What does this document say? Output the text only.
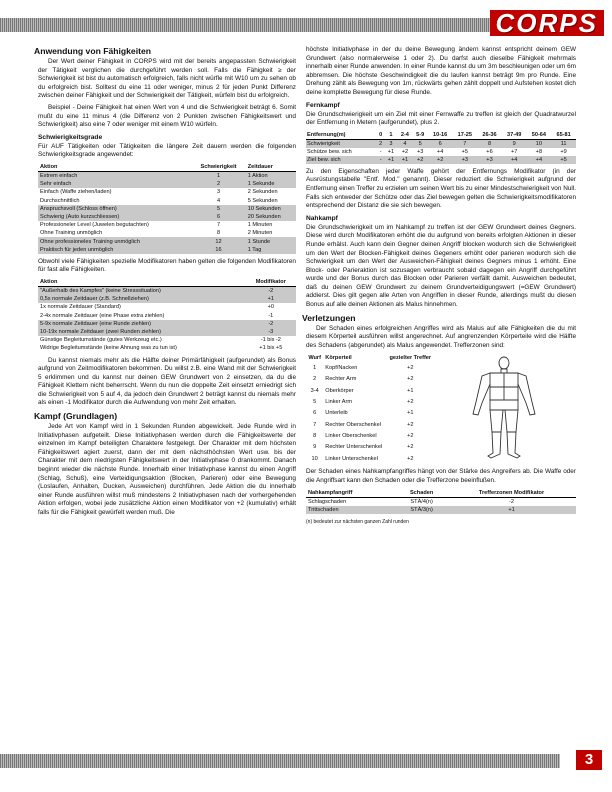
CORPS
Anwendung von Fähigkeiten

Der Wert deiner Fähigkeit in CORPS wird mit der bereits angepassten Schwierigkeit der Tätigkeit verglichen die durchgeführt werden soll. Falls die Fähigkeit ≥ der Schwierigkeit ist bist du automatisch erfolgreich, falls nicht würfle mit W10 um zu sehen ob du erfolgreich bist. Solltest du eine 11 oder weniger, minus 2 für jeden Punkt Differenz zwischen deiner Fähigkeit und der Schwierigkeit der Tätigkeit, würfeln bist du erfolgreich.

Beispiel - Deine Fähigkeit hat einen Wert von 4 und die Schwierigkeit beträgt 6. Somit mußt du eine 11 minus 4 (die Differenz von 2 Punkten zwischen Fähigkeitswert und Schwierigkeit) also eine 7 oder weniger mit einem W10 würfeln.

Schwierigkeitsgrade

Für AUF Tätigkeiten oder Tätigkeiten die längere Zeit dauern werden die folgenden Schwierigkeitsgrade angewendet:

Aktion	Schwierigkeit	Zeitdauer
Extrem einfach	1	1 Aktion
Sehr einfach	2	1 Sekunde
Einfach (Waffe ziehen/laden)	3	2 Sekunden
Durchschnittlich	4	5 Sekunden
Anspruchsvoll (Schloss öffnen)	5	10 Sekunden
Schwierig (Auto kurzschliessen)	6	20 Sekunden
Professioneler Level (Juwelen begutachten)	7	1 Minuten
Ohne Training unmöglich	8	2 Minuten
Ohne professioneles Training unmöglich	12	1 Stunde
Praktisch für jeden unmöglich	16	1 Tag

Obwohl viele Fähigkeiten spezielle Modifikatoren haben gelten die folgenden Modifikatoren für fast alle Fähigkeiten.

Aktion	Modifikator
"Außerhalb des Kampfes" (keine Stresssituation)	-2
0,5x normale Zeitdauer (z.B. Schnellziehen)	+1
1x normale Zeitdauer (Standard)	+0
2-4x normale Zeitdauer (eine Phase extra ziehlen)	-1
5-9x normale Zeitdauer (eine Runde ziehlen)	-2
10-19x normale Zeitdauer (zwei Runden ziehlen)	-3
Günstige Begleitumstände (gutes Werkzeug etc.)	-1 bis -2
Widrige Begleitumstände (keine Ahnung was zu tun ist)	+1 bis +5

Du kannst niemals mehr als die Hälfte deiner Primärfähigkeit (aufgerundet) als Bonus aufgrund von Zeitmodifikatoren bekommen. Du willst z.B. eine Wand mit der Schwierigkeit 5 erklimmen und du kannst nur deinen GEW Grundwert von 2 einsetzen, da du die Fähigkeit Klettern nicht beherrscht. Wenn du nun die doppelte Zeit einsetzt erniedrigt sich die Schwierigkeit von 5 auf 4, da jedoch dein Grundwert 2 beträgt kannst du niemals mehr als einen -1 Modifikator durch die Aufwendung von mehr Zeit erhalten.

Kampf (Grundlagen)

Jede Art von Kampf wird in 1 Sekunden Runden abgewickelt. Jede Runde wird in Initiativphasen aufgeteilt. Diese Initiativphasen werden durch die Fähigkeitswerte der einzelnen im Kampf beteiligten Charaktere festgelegt. Der Charakter mit dem höchsten Fähigkeitswert agiert zuerst, dann der mit dem nächsthöchsten Wert usw. bis der Charakter mit dem niedrigsten Fähigkeitswert in der Initiativphase 0 drankommt. Danach beginnt wieder die nächste Runde. Innerhalb einer Initiativphase kannst du einen Angriff (Schlag, Schuß), eine Verteidigungsaktion (Blocken, Parieren) oder eine Bewegung (Loslaufen, Anhalten, Ducken, Ausweichen) durchführen. Jede Aktion die du innerhalb einer Runde ausführen willst muß mindestens 2 Initiativphasen nach der vorhergehenden Aktion erfolgen, wobei jede zusätzliche Aktion einen Modifikator von +2 (kumulativ) erhält falls für die Fähigkeit gewürfelt werden muß. Die

höchste Initiativphase in der du deine Bewegung ändern kannst entspricht deinem GEW Grundwert (also normalerweise 1 oder 2). Du darfst auch dieselbe Fähigkeit mehrmals innerhalb einer Runde anwenden. In einer Runde kannst du um 3m beschleunigen oder um 6m abbremsen. Die höchste Geschwindigkeit die du laufen kannst beträgt 9m pro Runde. Eine Drehung zählt als Bewegung von 1m, rückwärts gehen zählt doppelt und Aufstehen kostet dich deine komplette Bewegung für diese Runde.

Fernkampf

Die Grundschwierigkeit um ein Ziel mit einer Fernwaffe zu treffen ist gleich der Quadratwurzel der Entfernung in Metern (aufgerundet), plus 2.

Entfernung(m)	0	1	2-4	5-9	10-16	17-25	26-36	37-49	50-64	65-81
Schwierigkeit	2	3	4	5	6	7	8	9	10	11
Schütze bew. sich	-	+1	+2	+3	+4	+5	+6	+7	+8	+9
Ziel bew. sich	-	+1	+1	+2	+2	+3	+3	+4	+4	+5

Zu den Eigenschaften jeder Waffe gehört der Entfernungs Modifikator (in der Ausrüstungstabelle "Entf. Mod." genannt). Dieser reduziert die Schwierigkeit aufgrund der Entfernung einen Treffer zu erzielen um seinen Wert bis zu einer Mindestschwierigkeit von Null. Falls sich entweder der Schütze oder das Ziel bewegen gelten die Schwierigkeitsmodifikatoren entsprechend der Distanz die sie sich bewegen.

Nahkampf

Die Grundschwierigkeit um im Nahkampf zu treffen ist der GEW Grundwert deines Gegners. Diese wird durch Modifikatoren erhöht die du aufgrund von bereits erfolgten Aktionen in dieser Runde erhälst. Auch kann dein Gegner deinen Angriff blocken wodurch sich die Schwierigkeit um den Wert der Blocken-Fähigkeit deines Gegeners erhöht oder parieren wodurch sich die Schwierigkeit um den Wert der Ausweichen-Fähigkeit deines Gegners minus 1 erhöht. Eine Block- oder Parieraktion ist sozusagen verbraucht sobald dagegen ein Angriff durchgeführt wurde und der Bonus durch das Blocken oder Parieren verfällt damit. Ausweichen bedeutet, daß du deinen GEW Grundwert zu deinem Grundverteidigungswert (=GEW Grundwert) addierst. Dies gilt gegen alle Arten von Angriffen in dieser Runde, allerdings mußt du diesen Bonus auf alle deinen Aktionen als Malus hinnehmen.

Verletzungen

Der Schaden eines erfolgreichen Angriffes wird als Malus auf alle Fähigkeiten die du mit diesem Körperteil ausführen willst angerechnet. Auf angrenzenden Körperteile wird die Hälfte des Schadens (abgerundet) als Malus angewendet. Trefferzonen sind:

Wurf	Körperteil	gezielter Treffer
1	Kopf/Nacken	+2
2	Rechter Arm	+2
3-4	Oberkörper	+1
5	Linker Arm	+2
6	Unterleib	+1
7	Rechter Oberschenkel	+2
8	Linker Oberschenkel	+2
9	Rechter Unterschenkel	+2
10	Linker Unterschenkel	+2

Der Schaden eines Nahkampfangriffes hängt von der Stärke des Angreifers ab. Die Waffe oder die Angriffsart kann den Schaden oder die Trefferzone beeinflußen.

Nahkampfangriff	Schaden	Trefferzonen Modifikator
Schlagschaden	STÄ/4(n)	-2
Trittschaden	STÄ/3(n)	+1

(n) bedeutet zur nächsten ganzen Zahl runden

3
